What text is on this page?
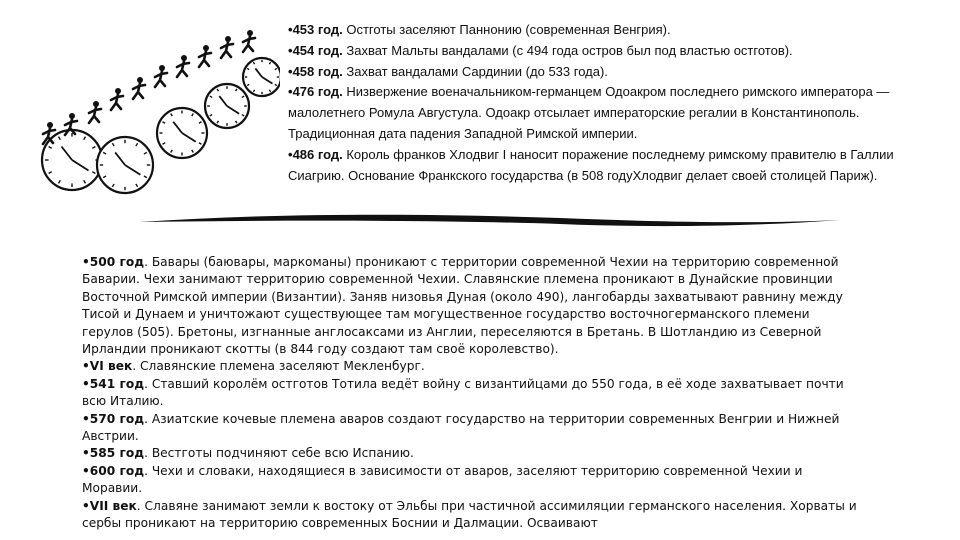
•453 год. Остготы заселяют Паннонию (современная Венгрия).

•454 год. Захват Мальты вандалами (с 494 года остров был под властью остготов).

•458 год. Захват вандалами Сардинии (до 533 года).

•476 год. Низвержение военачальником-германцем Одоакром последнего римского императора — малолетнего Ромула Августула. Одоакр отсылает императорские регалии в Константинополь. Традиционная дата падения Западной Римской империи.

•486 год. Король франков Хлодвиг I наносит поражение последнему римскому правителю в Галлии Сиагрию. Основание Франкского государства (в 508 годуХлодвиг делает своей столицей Париж).

•500 год. Бавары (баювары, маркоманы) проникают с территории современной Чехии на территорию современной Баварии. Чехи занимают территорию современной Чехии. Славянские племена проникают в Дунайские провинции Восточной Римской империи (Византии). Заняв низовья Дуная (около 490), лангобарды захватывают равнину между Тисой и Дунаем и уничтожают существующее там могущественное государство восточногерманского племени герулов (505). Бретоны, изгнанные англосаксами из Англии, переселяются в Бретань. В Шотландию из Северной Ирландии проникают скотты (в 844 году создают там своё королевство).

•VI век. Славянские племена заселяют Мекленбург.

•541 год. Ставший королём остготов Тотила ведёт войну с византийцами до 550 года, в её ходе захватывает почти всю Италию.

•570 год. Азиатские кочевые племена аваров создают государство на территории современных Венгрии и Нижней Австрии.

•585 год. Вестготы подчиняют себе всю Испанию.

•600 год. Чехи и словаки, находящиеся в зависимости от аваров, заселяют территорию современной Чехии и Моравии.

•VII век. Славяне занимают земли к востоку от Эльбы при частичной ассимиляции германского населения. Хорваты и сербы проникают на территорию современных Боснии и Далмации. Осваивают
